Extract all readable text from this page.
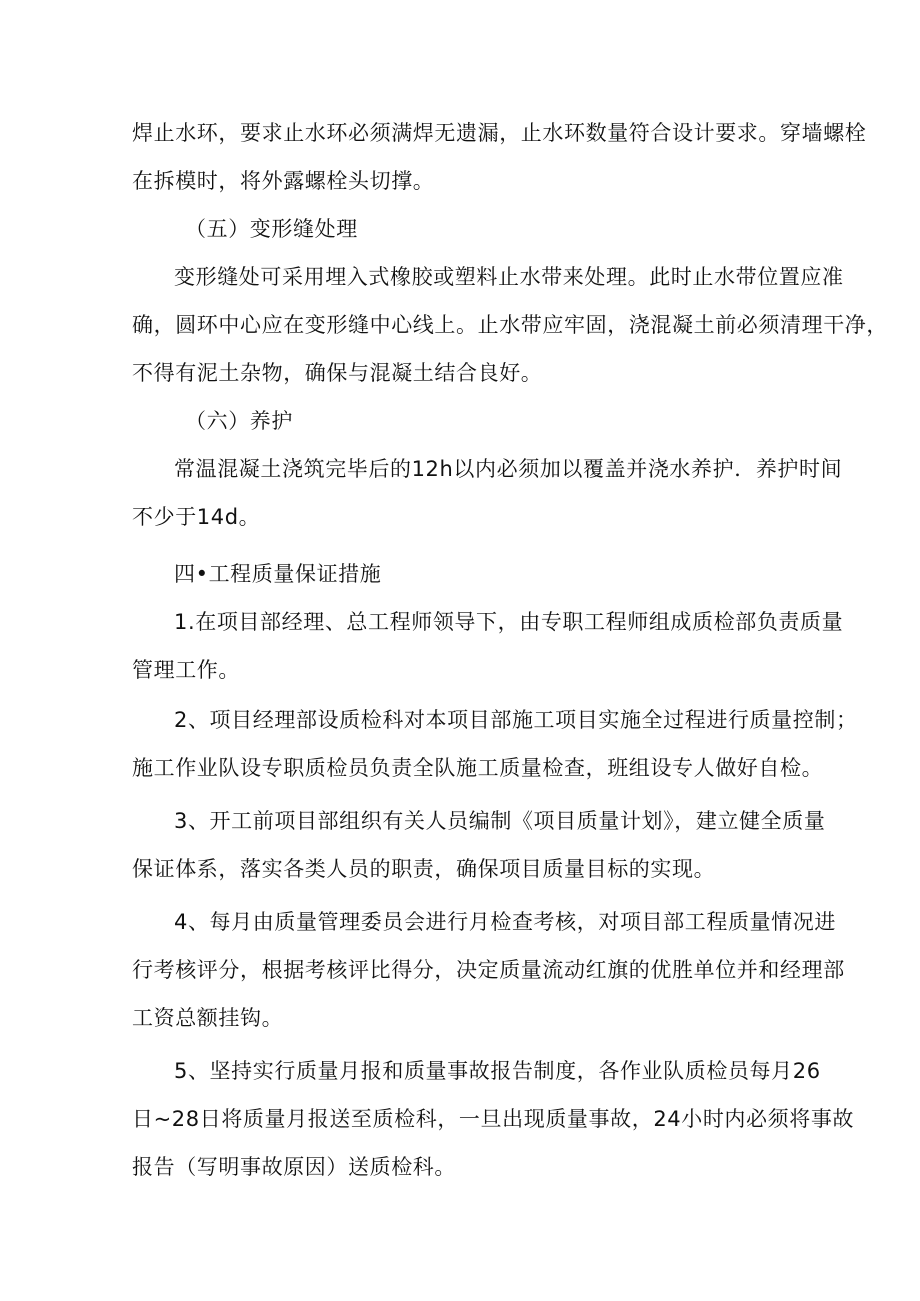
焊止水环，要求止水环必须满焊无遗漏，止水环数量符合设计要求。穿墙螺栓
在拆模时，将外露螺栓头切撑。
（五）变形缝处理
变形缝处可采用埋入式橡胶或塑料止水带来处理。此时止水带位置应准
确，圆环中心应在变形缝中心线上。止水带应牢固，浇混凝土前必须清理干净，
不得有泥土杂物，确保与混凝土结合良好。
（六）养护
常温混凝土浇筑完毕后的12h以内必须加以覆盖并浇水养护．养护时间
不少于14d。
四•工程质量保证措施
1.在项目部经理、总工程师领导下，由专职工程师组成质检部负责质量
管理工作。
2、项目经理部设质检科对本项目部施工项目实施全过程进行质量控制；
施工作业队设专职质检员负责全队施工质量检查，班组设专人做好自检。
3、开工前项目部组织有关人员编制《项目质量计划》，建立健全质量
保证体系，落实各类人员的职责，确保项目质量目标的实现。
4、每月由质量管理委员会进行月检查考核，对项目部工程质量情况进
行考核评分，根据考核评比得分，决定质量流动红旗的优胜单位并和经理部
工资总额挂钩。
5、坚持实行质量月报和质量事故报告制度，各作业队质检员每月26
日~28日将质量月报送至质检科，一旦出现质量事故，24小时内必须将事故
报告（写明事故原因）送质检科。
